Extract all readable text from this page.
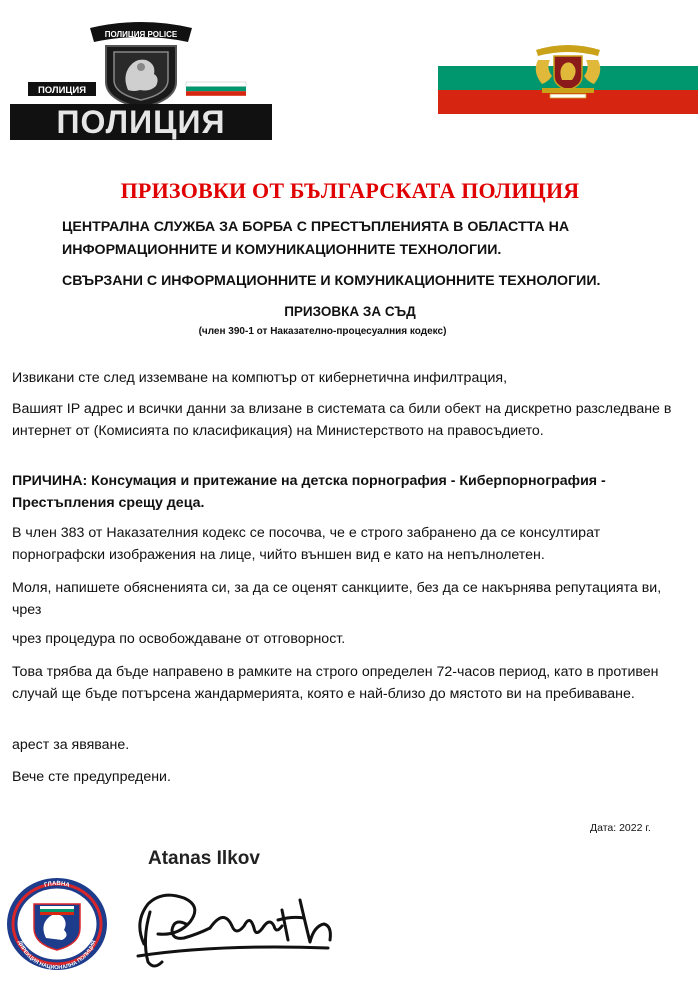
ПОЛИЦИЯ POLICE
ПОЛИЦИЯ
ПОЛИЦИЯ
ПРИЗОВКИ ОТ БЪЛГАРСКАТА ПОЛИЦИЯ
ЦЕНТРАЛНА СЛУЖБА ЗА БОРБА С ПРЕСТЪПЛЕНИЯТА В ОБЛАСТТА НА ИНФОРМАЦИОННИТЕ И КОМУНИКАЦИОННИТЕ ТЕХНОЛОГИИ.
СВЪРЗАНИ С ИНФОРМАЦИОННИТЕ И КОМУНИКАЦИОННИТЕ ТЕХНОЛОГИИ.
ПРИЗОВКА ЗА СЪД
(член 390-1 от Наказателно-процесуалния кодекс)
Извикани сте след изземване на компютър от кибернетична инфилтрация,
Вашият IP адрес и всички данни за влизане в системата са били обект на дискретно разследване в интернет от (Комисията по класификация) на Министерството на правосъдието.
ПРИЧИНА: Консумация и притежание на детска порнография - Киберпорнография - Престъпления срещу деца.
В член 383 от Наказателния кодекс се посочва, че е строго забранено да се консултират порнографски изображения на лице, чийто външен вид е като на непълнолетен.
Моля, напишете обясненията си, за да се оценят санкциите, без да се накърнява репутацията ви, чрез
чрез процедура по освобождаване от отговорност.
Това трябва да бъде направено в рамките на строго определен 72-часов период, като в противен случай ще бъде потърсена жандармерията, която е най-близо до мястото ви на пребиваване.
арест за явяване.
Вече сте предупредени.
Дата: 2022 г.
Atanas Ilkov
ГЛАВНА
ДИРЕКЦИЯ НАЦИОНАЛНА ПОЛИЦИЯ
